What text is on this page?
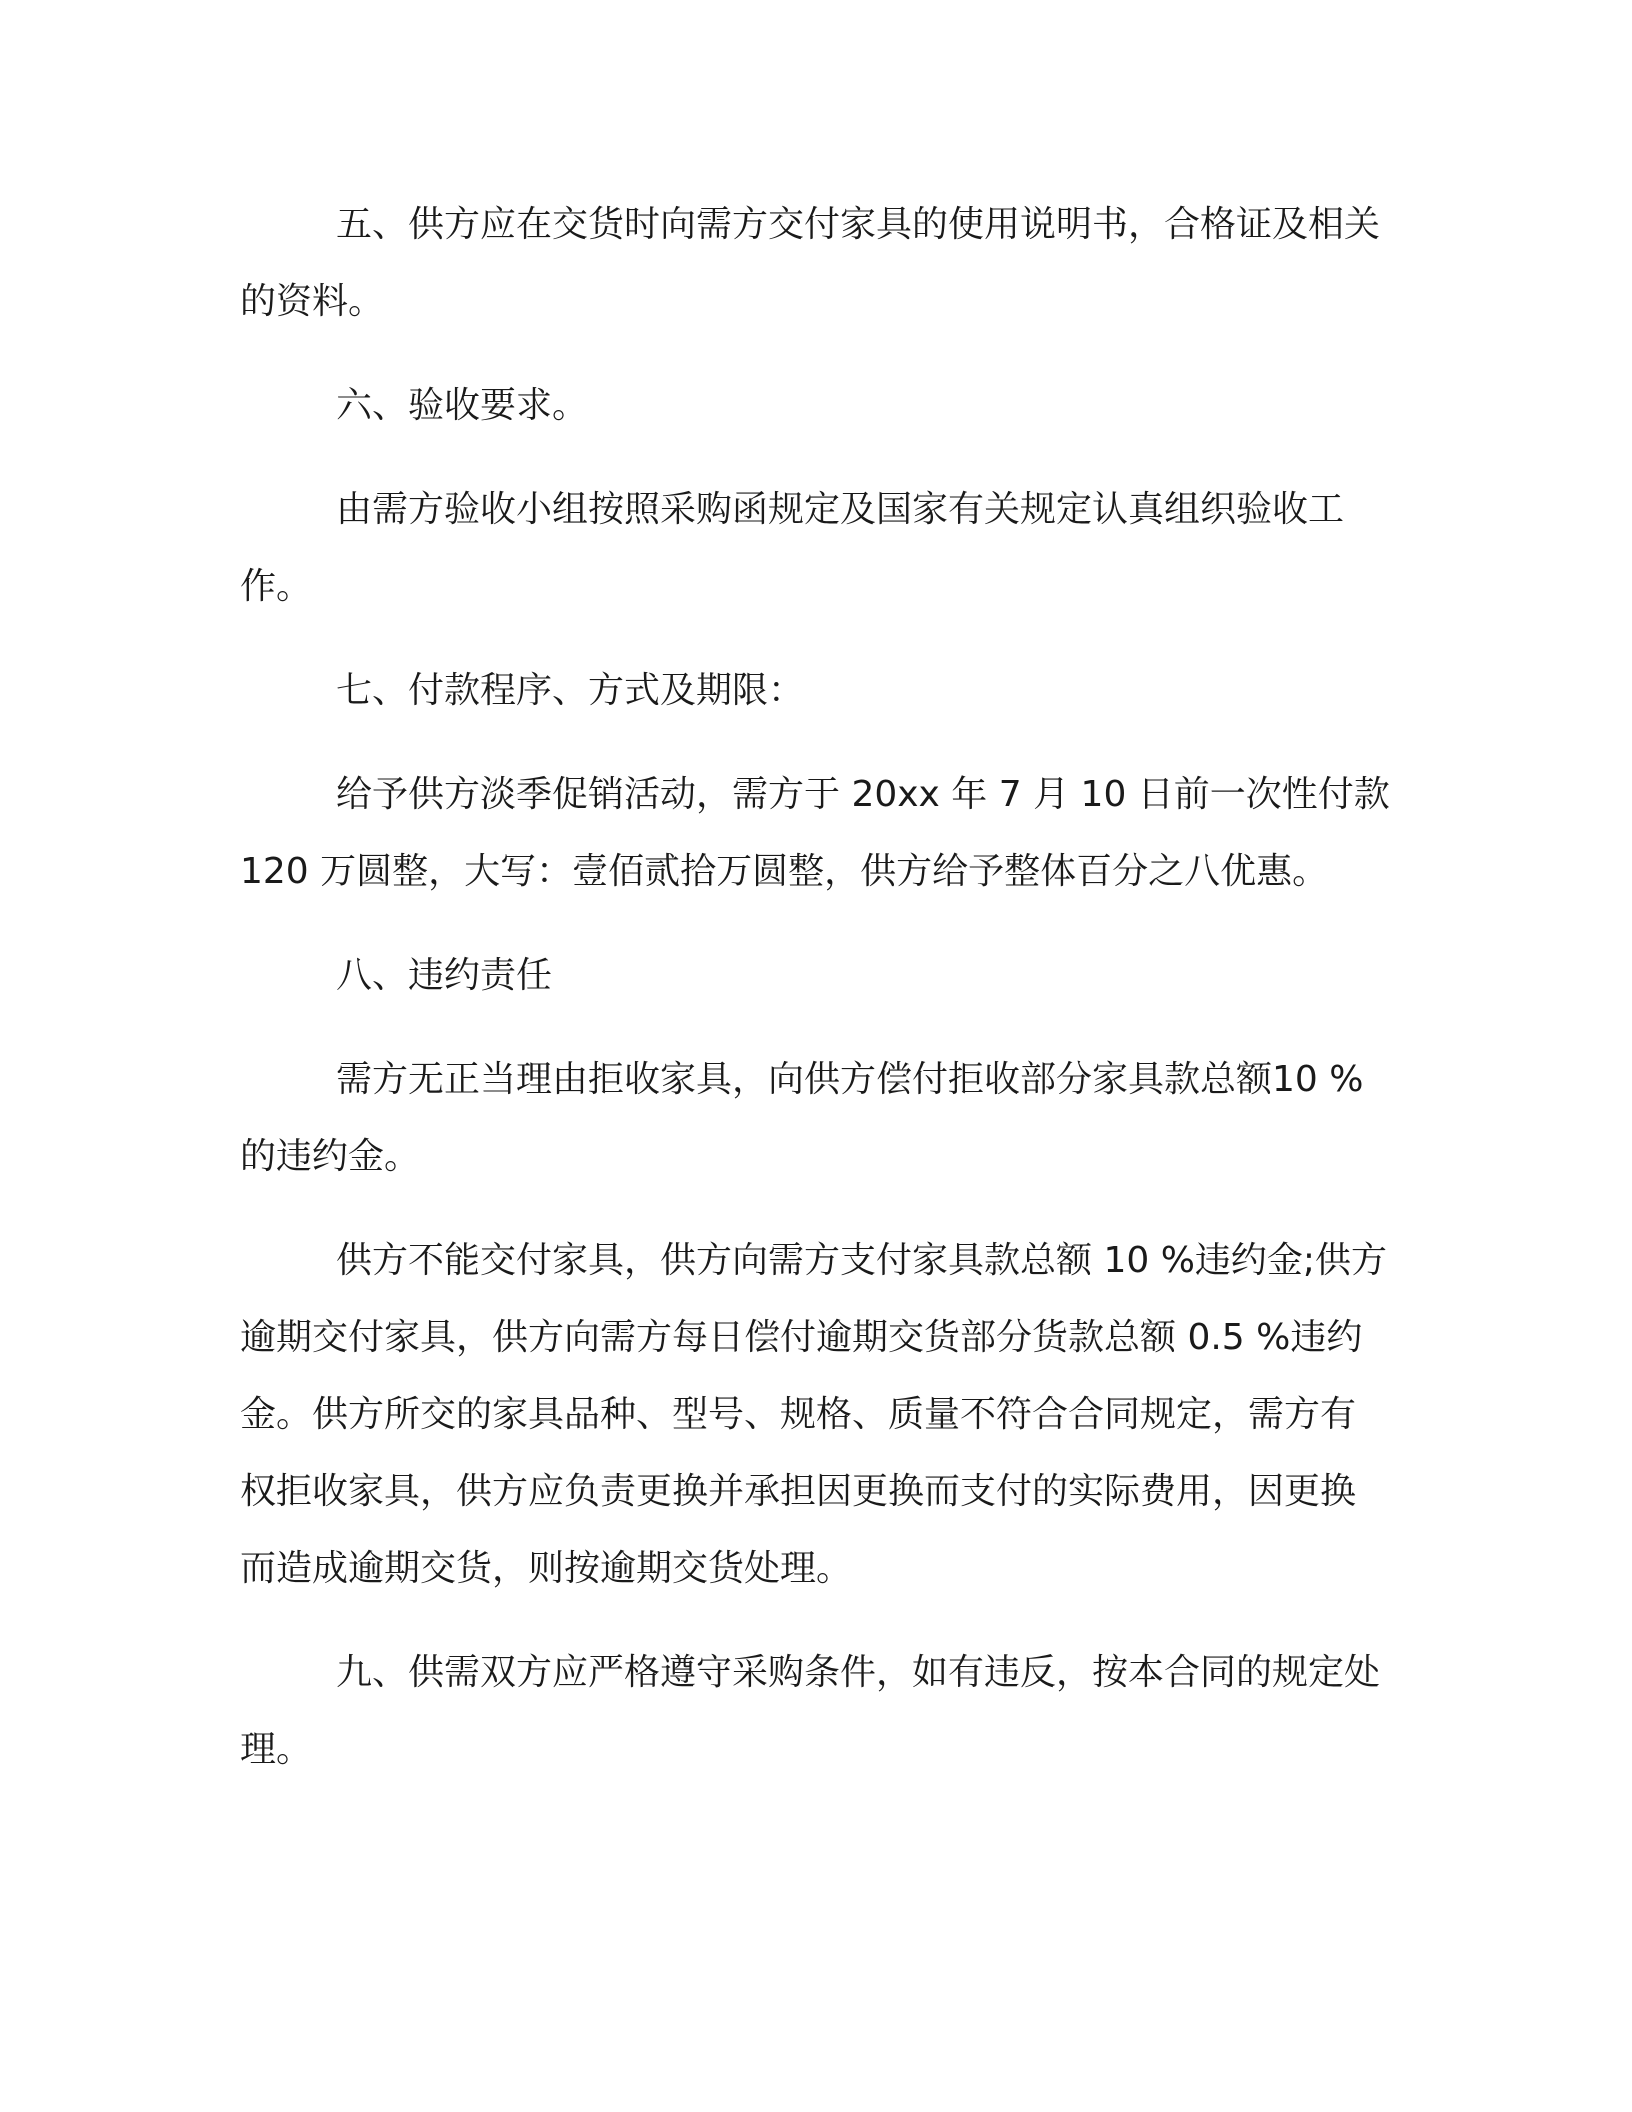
五、供方应在交货时向需方交付家具的使用说明书，合格证及相关的资料。

六、验收要求。

由需方验收小组按照采购函规定及国家有关规定认真组织验收工作。

七、付款程序、方式及期限：

给予供方淡季促销活动，需方于 20xx 年 7 月 10 日前一次性付款 120 万圆整，大写：壹佰贰拾万圆整，供方给予整体百分之八优惠。

八、违约责任

需方无正当理由拒收家具，向供方偿付拒收部分家具款总额10 %的违约金。

供方不能交付家具，供方向需方支付家具款总额 10 %违约金;供方逾期交付家具，供方向需方每日偿付逾期交货部分货款总额 0.5 %违约金。供方所交的家具品种、型号、规格、质量不符合合同规定，需方有权拒收家具，供方应负责更换并承担因更换而支付的实际费用，因更换而造成逾期交货，则按逾期交货处理。

九、供需双方应严格遵守采购条件，如有违反，按本合同的规定处理。
